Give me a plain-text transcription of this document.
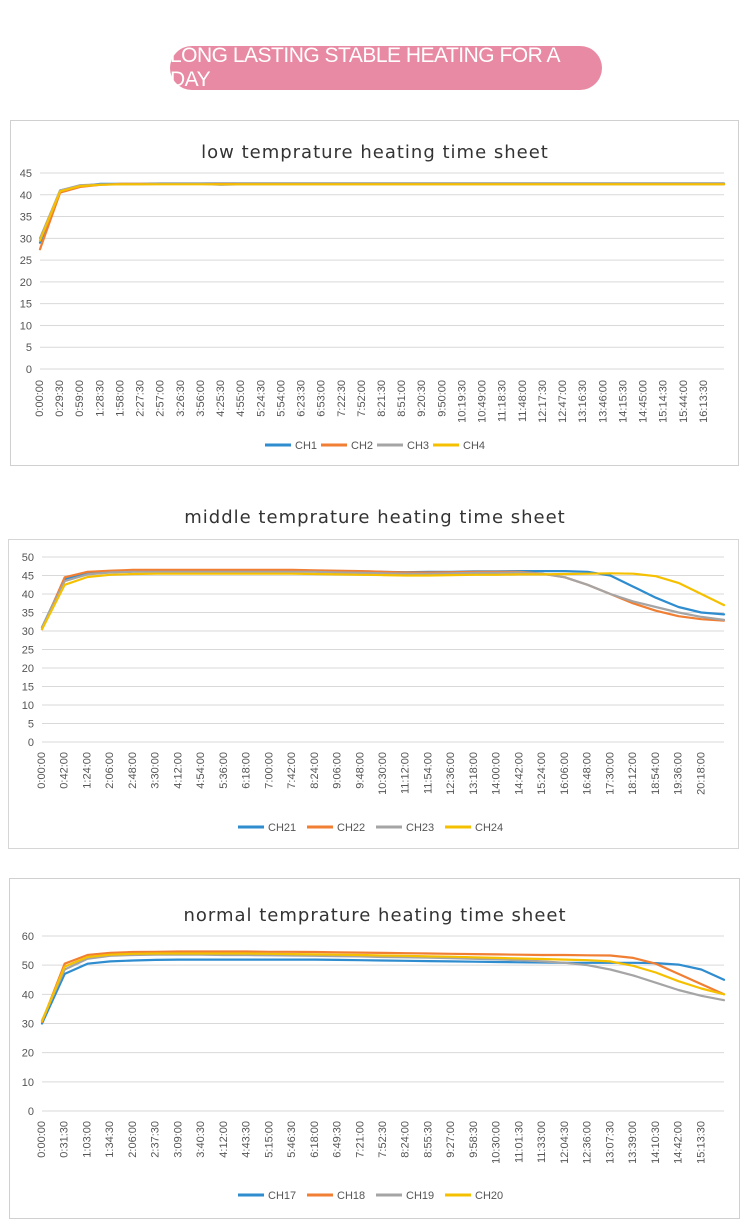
LONG LASTING STABLE HEATING FOR A DAY
low temprature heating time sheet
middle temprature heating time sheet
normal temprature heating time sheet
0
5
10
15
20
25
30
35
40
45
0:00:00 0:29:30 0:59:00 1:28:30 1:58:00 2:27:30 2:57:00 3:26:30 3:56:00 4:25:30 4:55:00 5:24:30 5:54:00 6:23:30 6:53:00 7:22:30 7:52:00 8:21:30 8:51:00 9:20:30 9:50:00 10:19:30 10:49:00 11:18:30 11:48:00 12:17:30 12:47:00 13:16:30 13:46:00 14:15:30 14:45:00 15:14:30 15:44:00 16:13:30
CH1	CH2	CH3	CH4
0
5
10
15
20
25
30
35
40
45
50
0:00:00 0:42:00 1:24:00 2:06:00 2:48:00 3:30:00 4:12:00 4:54:00 5:36:00 6:18:00 7:00:00 7:42:00 8:24:00 9:06:00 9:48:00 10:30:00 11:12:00 11:54:00 12:36:00 13:18:00 14:00:00 14:42:00 15:24:00 16:06:00 16:48:00 17:30:00 18:12:00 18:54:00 19:36:00 20:18:00
CH21	CH22	CH23	CH24
0
10
20
30
40
50
60
0:00:00 0:31:30 1:03:00 1:34:30 2:06:00 2:37:30 3:09:00 3:40:30 4:12:00 4:43:30 5:15:00 5:46:30 6:18:00 6:49:30 7:21:00 7:52:30 8:24:00 8:55:30 9:27:00 9:58:30 10:30:00 11:01:30 11:33:00 12:04:30 12:36:00 13:07:30 13:39:00 14:10:30 14:42:00 15:13:30
CH17	CH18	CH19	CH20
